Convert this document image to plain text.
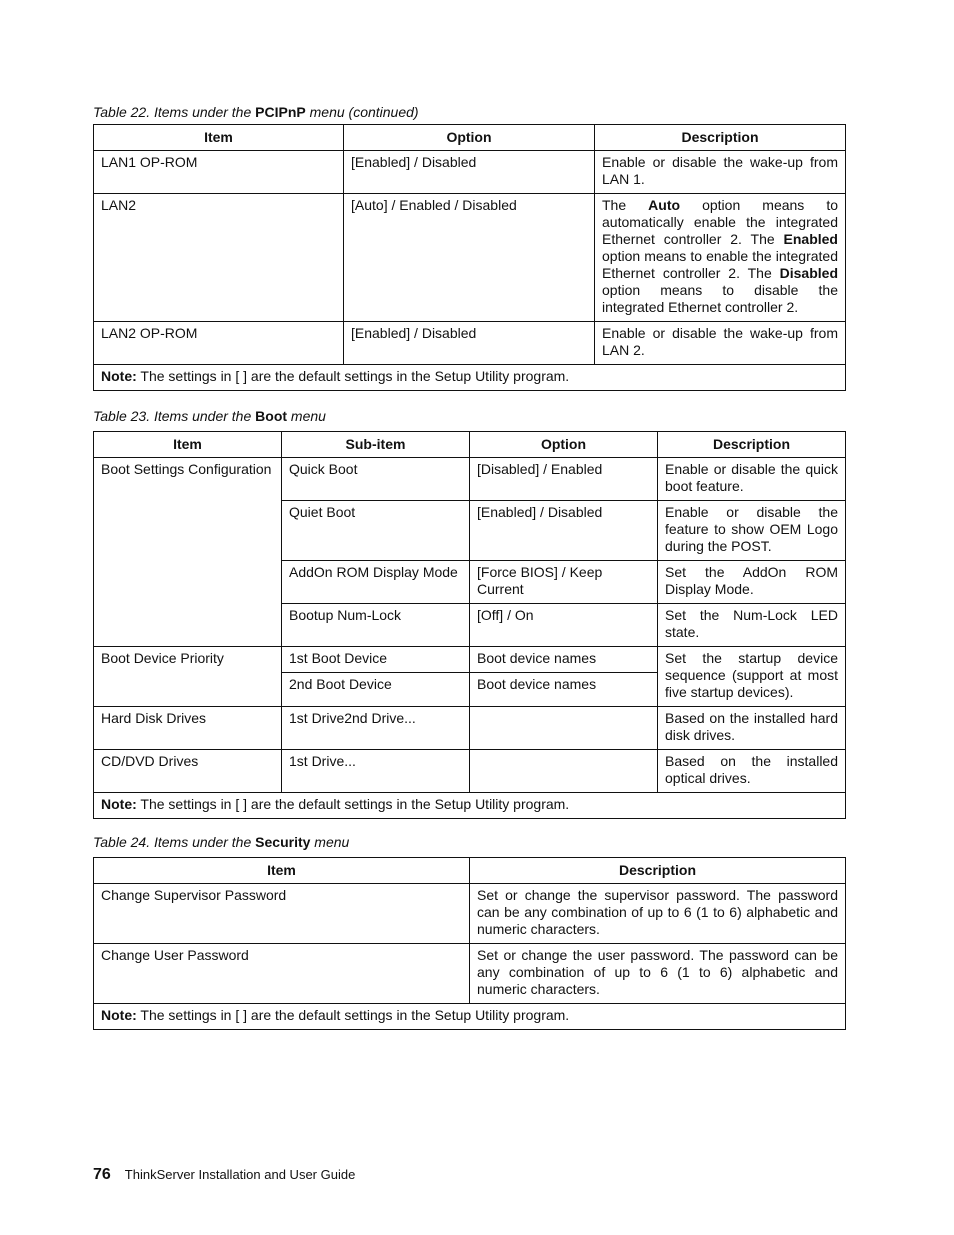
Table 22. Items under the PCIPnP menu (continued)
Item	Option	Description
LAN1 OP-ROM	[Enabled] / Disabled	Enable or disable the wake-up from LAN 1.
LAN2	[Auto] / Enabled / Disabled	The Auto option means to automatically enable the integrated Ethernet controller 2. The Enabled option means to enable the integrated Ethernet controller 2. The Disabled option means to disable the integrated Ethernet controller 2.
LAN2 OP-ROM	[Enabled] / Disabled	Enable or disable the wake-up from LAN 2.
Note: The settings in [ ] are the default settings in the Setup Utility program.		
Table 23. Items under the Boot menu
Item	Sub-item	Option	Description
Boot Settings Configuration	Quick Boot	[Disabled] / Enabled	Enable or disable the quick boot feature.
	Quiet Boot	[Enabled] / Disabled	Enable or disable the feature to show OEM Logo during the POST.
	AddOn ROM Display Mode	[Force BIOS] / Keep Current	Set the AddOn ROM Display Mode.
	Bootup Num-Lock	[Off] / On	Set the Num-Lock LED state.
Boot Device Priority	1st Boot Device	Boot device names	Set the startup device sequence (support at most five startup devices).
	2nd Boot Device	Boot device names	
Hard Disk Drives	1st Drive2nd Drive...		Based on the installed hard disk drives.
CD/DVD Drives	1st Drive...		Based on the installed optical drives.
Note: The settings in [ ] are the default settings in the Setup Utility program.			
Table 24. Items under the Security menu
Item	Description
Change Supervisor Password	Set or change the supervisor password. The password can be any combination of up to 6 (1 to 6) alphabetic and numeric characters.
Change User Password	Set or change the user password. The password can be any combination of up to 6 (1 to 6) alphabetic and numeric characters.
Note: The settings in [ ] are the default settings in the Setup Utility program.	
76 ThinkServer Installation and User Guide
